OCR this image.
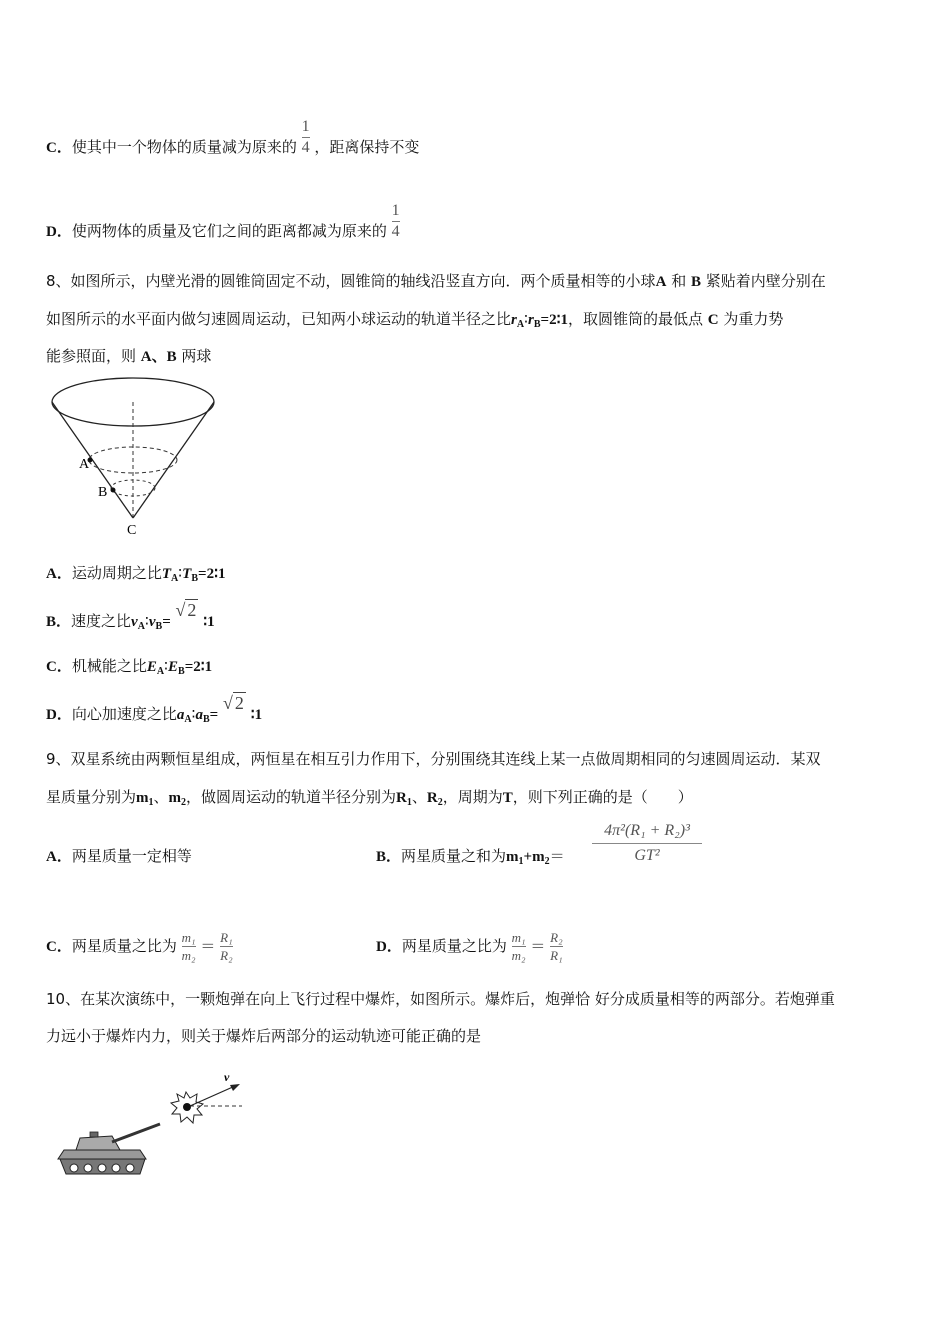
C．使其中一个物体的质量减为原来的 $\frac{1}{4}$ ，距离保持不变
D．使两物体的质量及它们之间的距离都减为原来的 $\frac{1}{4}$
8、如图所示，内壁光滑的圆锥筒固定不动，圆锥筒的轴线沿竖直方向．两个质量相等的小球A 和 B 紧贴着内壁分别在
如图所示的水平面内做匀速圆周运动，已知两小球运动的轨道半径之比$r_A∶r_B=2∶1$，取圆锥筒的最低点 C 为重力势
能参照面，则 A、B 两球
A
B
C
A．运动周期之比$T_A∶T_B=2∶1$
B．速度之比$v_A∶v_B=$ √ 2 ∶1
C．机械能之比$E_A∶E_B=2∶1$
D．向心加速度之比$a_A∶a_B=$ √ 2 ∶1
9、双星系统由两颗恒星组成，两恒星在相互引力作用下，分别围绕其连线上某一点做周期相同的匀速圆周运动．某双
星质量分别为$m_1$、$m_2$，做圆周运动的轨道半径分别为$R_1$、$R_2$，周期为T，则下列正确的是（　　）
A．两星质量一定相等	B．两星质量之和为$m_1+m_2=$
4π²(R₁ + R₂)³
GT²
C．两星质量之比为 $\frac{\text{m₁}}{\text{m₂}} = \frac{\text{R₁}}{\text{R₂}}$	D．两星质量之比为 $\frac{\text{m₁}}{\text{m₂}} = \frac{\text{R₂}}{\text{R₁}}$
10、在某次演练中，一颗炮弹在向上飞行过程中爆炸，如图所示。爆炸后，炮弹恰 好分成质量相等的两部分。若炮弹重
力远小于爆炸内力，则关于爆炸后两部分的运动轨迹可能正确的是
v
